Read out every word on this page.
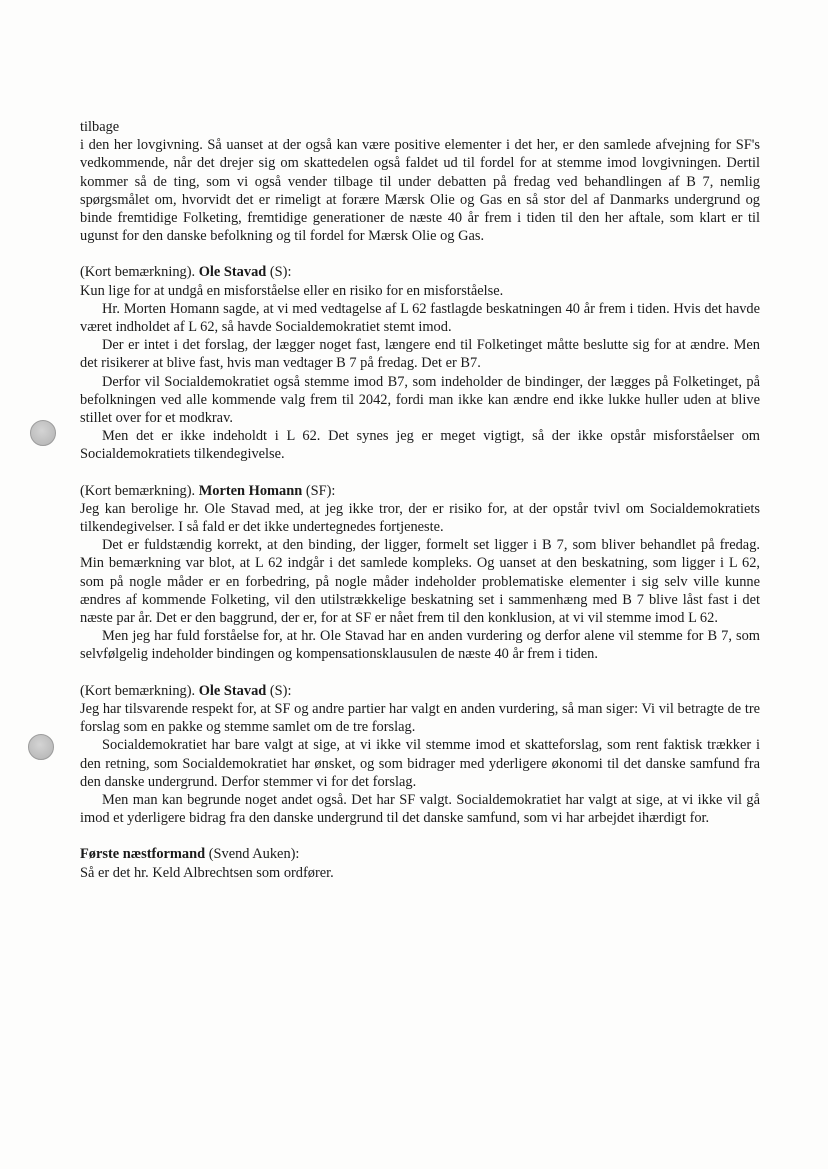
tilbage

i den her lovgivning. Så uanset at der også kan være positive elementer i det her, er den samlede afvejning for SF's vedkommende, når det drejer sig om skattedelen også faldet ud til fordel for at stemme imod lovgivningen. Dertil kommer så de ting, som vi også vender tilbage til under debatten på fredag ved behandlingen af B 7, nemlig spørgsmålet om, hvorvidt det er rimeligt at forære Mærsk Olie og Gas en så stor del af Danmarks undergrund og binde fremtidige Folketing, fremtidige generationer de næste 40 år frem i tiden til den her aftale, som klart er til ugunst for den danske befolkning og til fordel for Mærsk Olie og Gas.

(Kort bemærkning). Ole Stavad (S):

Kun lige for at undgå en misforståelse eller en risiko for en misforståelse.

Hr. Morten Homann sagde, at vi med vedtagelse af L 62 fastlagde beskatningen 40 år frem i tiden. Hvis det havde været indholdet af L 62, så havde Socialdemokratiet stemt imod.

Der er intet i det forslag, der lægger noget fast, længere end til Folketinget måtte beslutte sig for at ændre. Men det risikerer at blive fast, hvis man vedtager B 7 på fredag. Det er B7.

Derfor vil Socialdemokratiet også stemme imod B7, som indeholder de bindinger, der lægges på Folketinget, på befolkningen ved alle kommende valg frem til 2042, fordi man ikke kan ændre end ikke lukke huller uden at blive stillet over for et modkrav.

Men det er ikke indeholdt i L 62. Det synes jeg er meget vigtigt, så der ikke opstår misforståelser om Socialdemokratiets tilkendegivelse.

(Kort bemærkning). Morten Homann (SF):

Jeg kan berolige hr. Ole Stavad med, at jeg ikke tror, der er risiko for, at der opstår tvivl om Socialdemokratiets tilkendegivelser. I så fald er det ikke undertegnedes fortjeneste.

Det er fuldstændig korrekt, at den binding, der ligger, formelt set ligger i B 7, som bliver behandlet på fredag. Min bemærkning var blot, at L 62 indgår i det samlede kompleks. Og uanset at den beskatning, som ligger i L 62, som på nogle måder er en forbedring, på nogle måder indeholder problematiske elementer i sig selv ville kunne ændres af kommende Folketing, vil den utilstrækkelige beskatning set i sammenhæng med B 7 blive låst fast i det næste par år. Det er den baggrund, der er, for at SF er nået frem til den konklusion, at vi vil stemme imod L 62.

Men jeg har fuld forståelse for, at hr. Ole Stavad har en anden vurdering og derfor alene vil stemme for B 7, som selvfølgelig indeholder bindingen og kompensationsklausulen de næste 40 år frem i tiden.

(Kort bemærkning). Ole Stavad (S):

Jeg har tilsvarende respekt for, at SF og andre partier har valgt en anden vurdering, så man siger: Vi vil betragte de tre forslag som en pakke og stemme samlet om de tre forslag.

Socialdemokratiet har bare valgt at sige, at vi ikke vil stemme imod et skatteforslag, som rent faktisk trækker i den retning, som Socialdemokratiet har ønsket, og som bidrager med yderligere økonomi til det danske samfund fra den danske undergrund. Derfor stemmer vi for det forslag.

Men man kan begrunde noget andet også. Det har SF valgt. Socialdemokratiet har valgt at sige, at vi ikke vil gå imod et yderligere bidrag fra den danske undergrund til det danske samfund, som vi har arbejdet ihærdigt for.

Første næstformand (Svend Auken):

Så er det hr. Keld Albrechtsen som ordfører.
